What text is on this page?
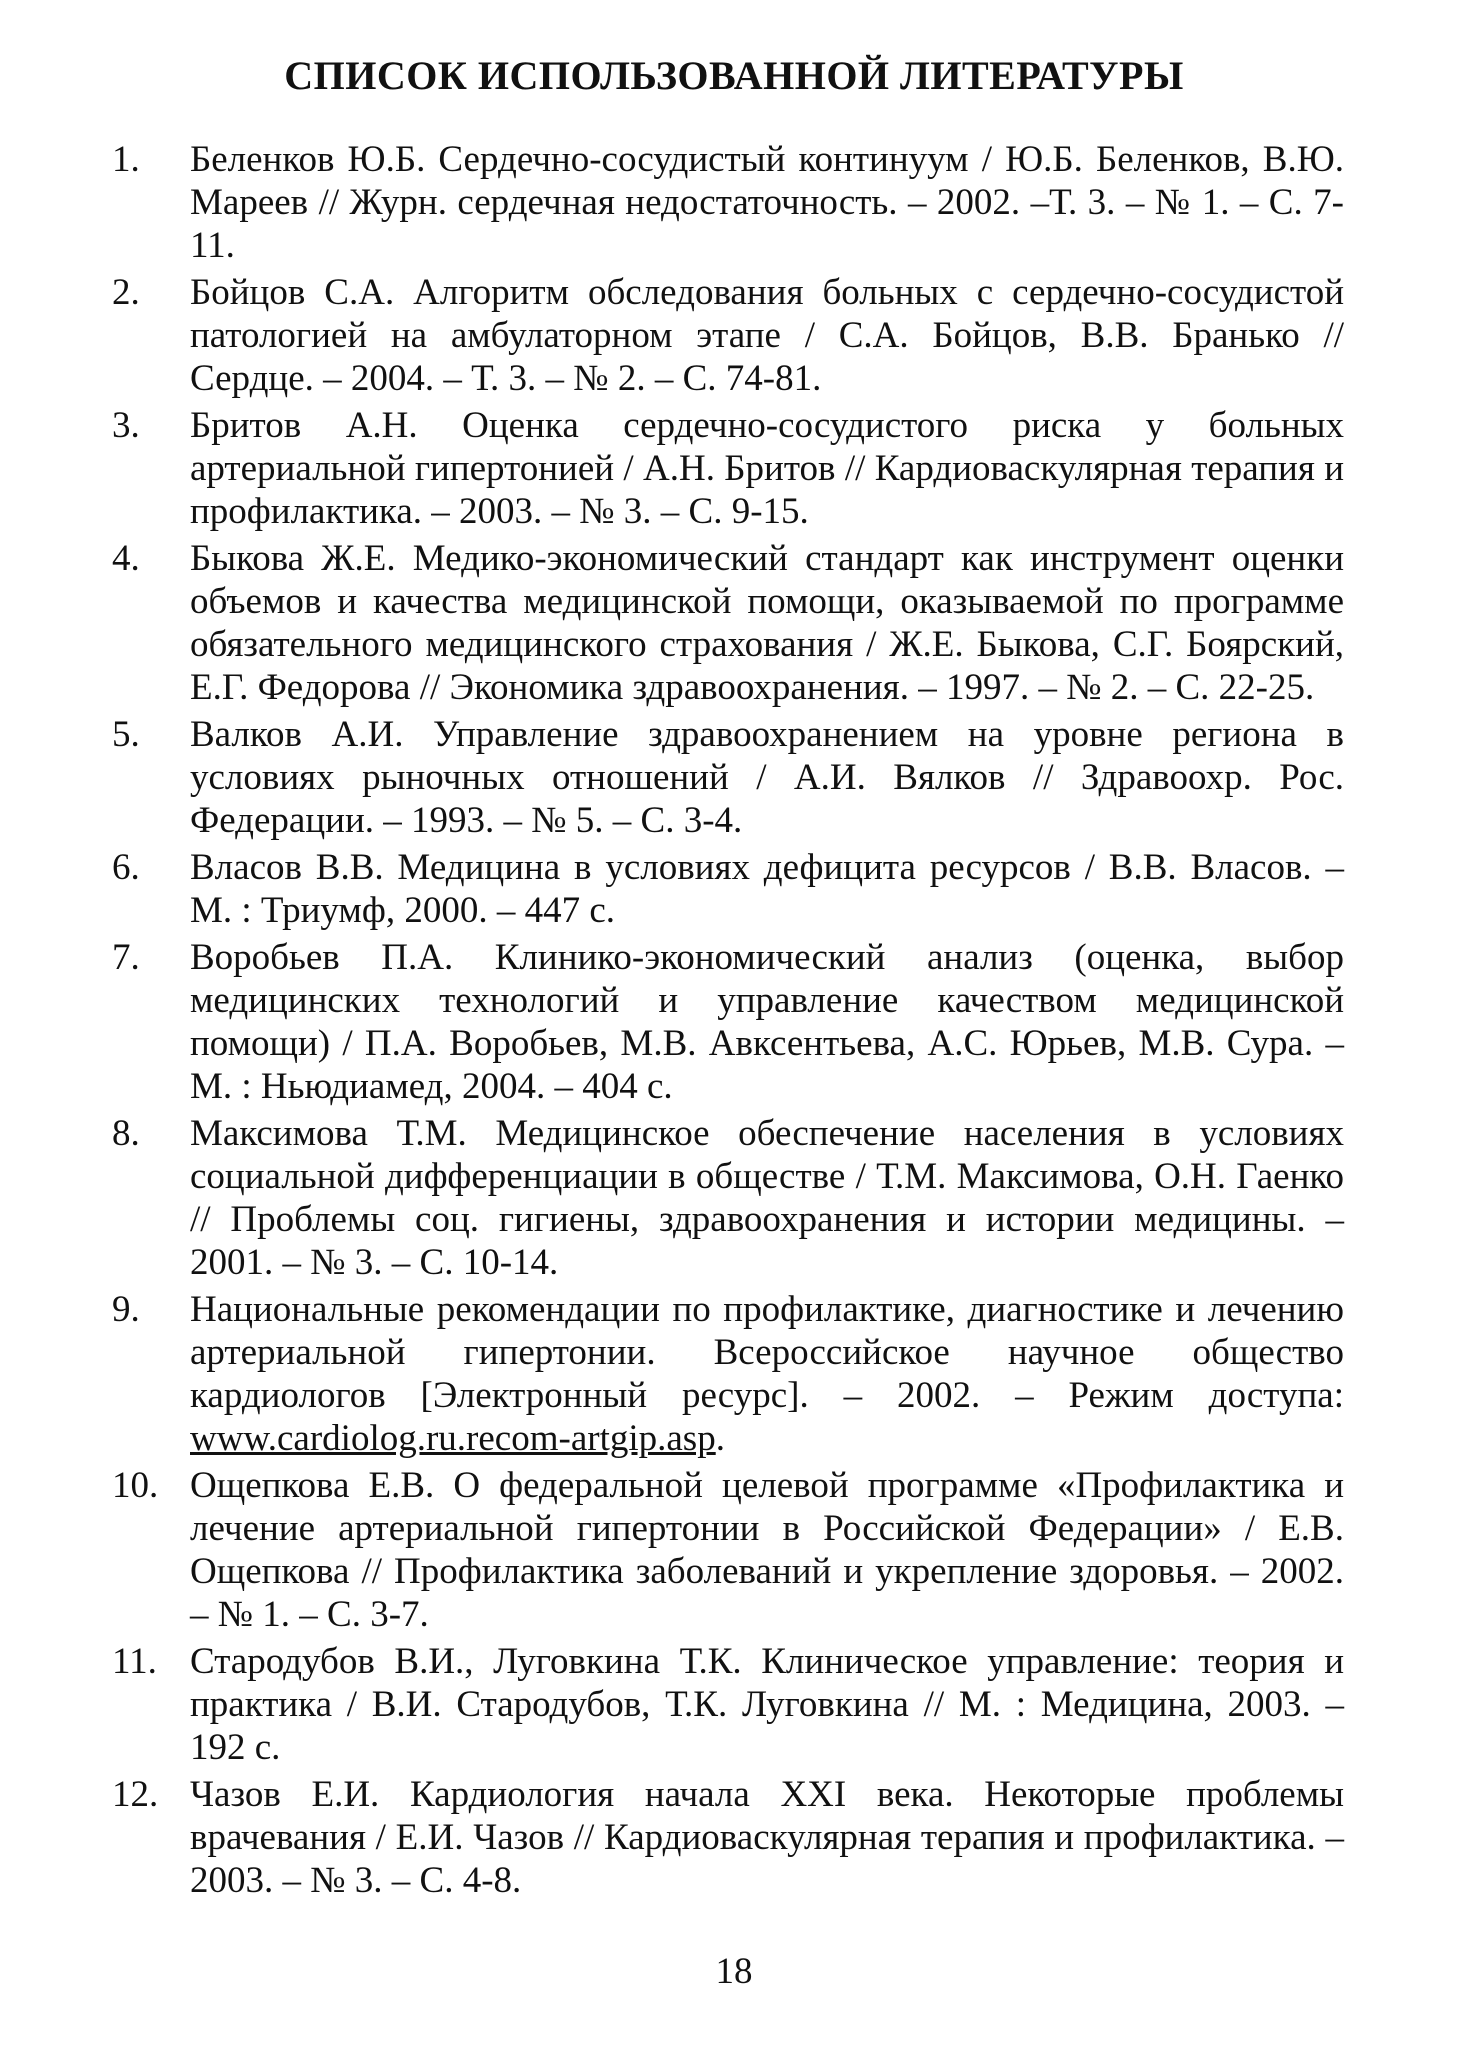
СПИСОК ИСПОЛЬЗОВАННОЙ ЛИТЕРАТУРЫ
1.	Беленков Ю.Б. Сердечно-сосудистый континуум / Ю.Б. Беленков, В.Ю. Мареев // Журн. сердечная недостаточность. – 2002. –Т. 3. – № 1. – С. 7-11.
2.	Бойцов С.А. Алгоритм обследования больных с сердечно-сосудистой патологией на амбулаторном этапе / С.А. Бойцов, В.В. Бранько // Сердце. – 2004. – Т. 3. – № 2. – С. 74-81.
3.	Бритов А.Н. Оценка сердечно-сосудистого риска у больных артериальной гипертонией / А.Н. Бритов // Кардиоваскулярная терапия и профилактика. – 2003. – № 3. – С. 9-15.
4.	Быкова Ж.Е. Медико-экономический стандарт как инструмент оценки объемов и качества медицинской помощи, оказываемой по программе обязательного медицинского страхования / Ж.Е. Быкова, С.Г. Боярский, Е.Г. Федорова // Экономика здравоохранения. – 1997. – № 2. – С. 22-25.
5.	Валков А.И. Управление здравоохранением на уровне региона в условиях рыночных отношений / А.И. Вялков // Здравоохр. Рос. Федерации. – 1993. – № 5. – С. 3-4.
6.	Власов В.В. Медицина в условиях дефицита ресурсов / В.В. Власов. – М. : Триумф, 2000. – 447 с.
7.	Воробьев П.А. Клинико-экономический анализ (оценка, выбор медицинских технологий и управление качеством медицинской помощи) / П.А. Воробьев, М.В. Авксентьева, А.С. Юрьев, М.В. Сура. – М. : Ньюдиамед, 2004. – 404 с.
8.	Максимова Т.М. Медицинское обеспечение населения в условиях социальной дифференциации в обществе / Т.М. Максимова, О.Н. Гаенко // Проблемы соц. гигиены, здравоохранения и истории медицины. – 2001. – № 3. – С. 10-14.
9.	Национальные рекомендации по профилактике, диагностике и лечению артериальной гипертонии. Всероссийское научное общество кардиологов [Электронный ресурс]. – 2002. – Режим доступа: www.cardiolog.ru.recom-artgip.asp.
10. Ощепкова Е.В. О федеральной целевой программе «Профилактика и лечение артериальной гипертонии в Российской Федерации» / Е.В. Ощепкова // Профилактика заболеваний и укрепление здоровья. – 2002. – № 1. – С. 3-7.
11. Стародубов В.И., Луговкина Т.К. Клиническое управление: теория и практика / В.И. Стародубов, Т.К. Луговкина // М. : Медицина, 2003. – 192 с.
12. Чазов Е.И. Кардиология начала XXI века. Некоторые проблемы врачевания / Е.И. Чазов // Кардиоваскулярная терапия и профилактика. – 2003. – № 3. – С. 4-8.
18
